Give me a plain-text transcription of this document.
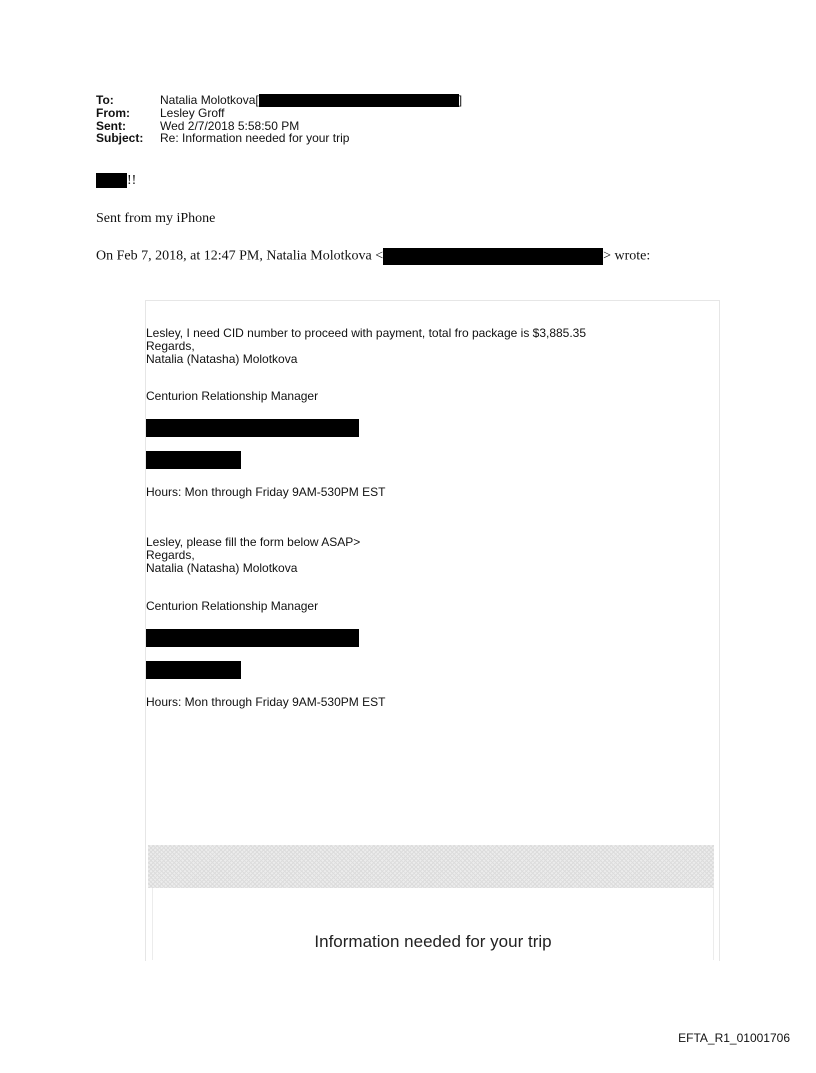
To:	Natalia Molotkova[	]
From:	Lesley Groff
Sent:	Wed 2/7/2018 5:58:50 PM
Subject:	Re: Information needed for your trip
!!
Sent from my iPhone
On Feb 7, 2018, at 12:47 PM, Natalia Molotkova <	> wrote:
Lesley, I need CID number to proceed with payment, total fro package is $3,885.35
Regards,
Natalia (Natasha) Molotkova
Centurion Relationship Manager
Hours: Mon through Friday 9AM-530PM EST
Lesley, please fill the form below ASAP>
Regards,
Natalia (Natasha) Molotkova
Centurion Relationship Manager
Hours: Mon through Friday 9AM-530PM EST
Information needed for your trip
EFTA_R1_01001706
